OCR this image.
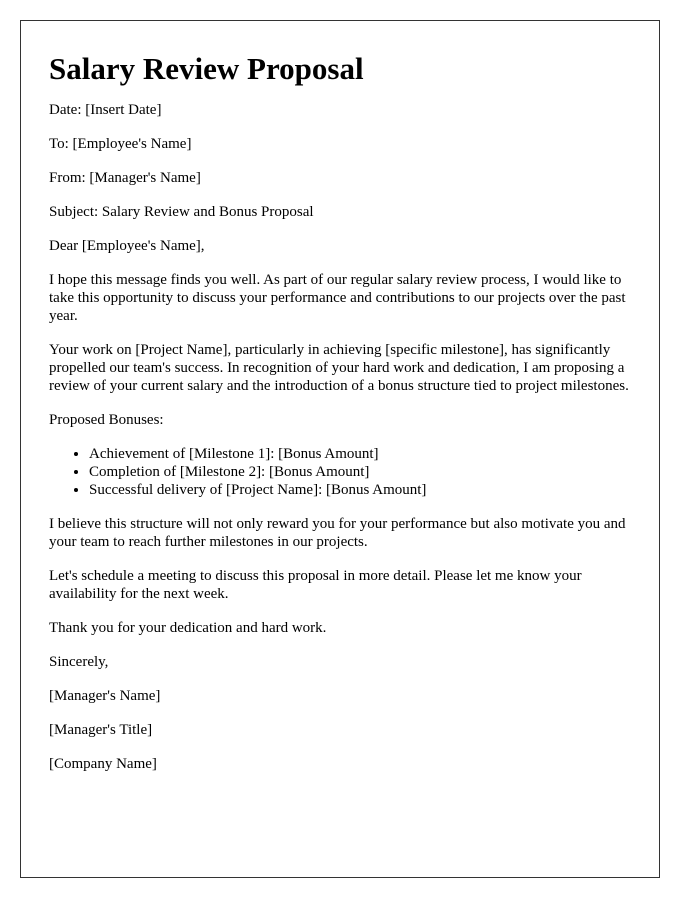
Salary Review Proposal

Date: [Insert Date]

To: [Employee's Name]

From: [Manager's Name]

Subject: Salary Review and Bonus Proposal

Dear [Employee's Name],

I hope this message finds you well. As part of our regular salary review process, I would like to take this opportunity to discuss your performance and contributions to our projects over the past year.

Your work on [Project Name], particularly in achieving [specific milestone], has significantly propelled our team's success. In recognition of your hard work and dedication, I am proposing a review of your current salary and the introduction of a bonus structure tied to project milestones.

Proposed Bonuses:

• Achievement of [Milestone 1]: [Bonus Amount]
• Completion of [Milestone 2]: [Bonus Amount]
• Successful delivery of [Project Name]: [Bonus Amount]

I believe this structure will not only reward you for your performance but also motivate you and your team to reach further milestones in our projects.

Let's schedule a meeting to discuss this proposal in more detail. Please let me know your availability for the next week.

Thank you for your dedication and hard work.

Sincerely,

[Manager's Name]

[Manager's Title]

[Company Name]
